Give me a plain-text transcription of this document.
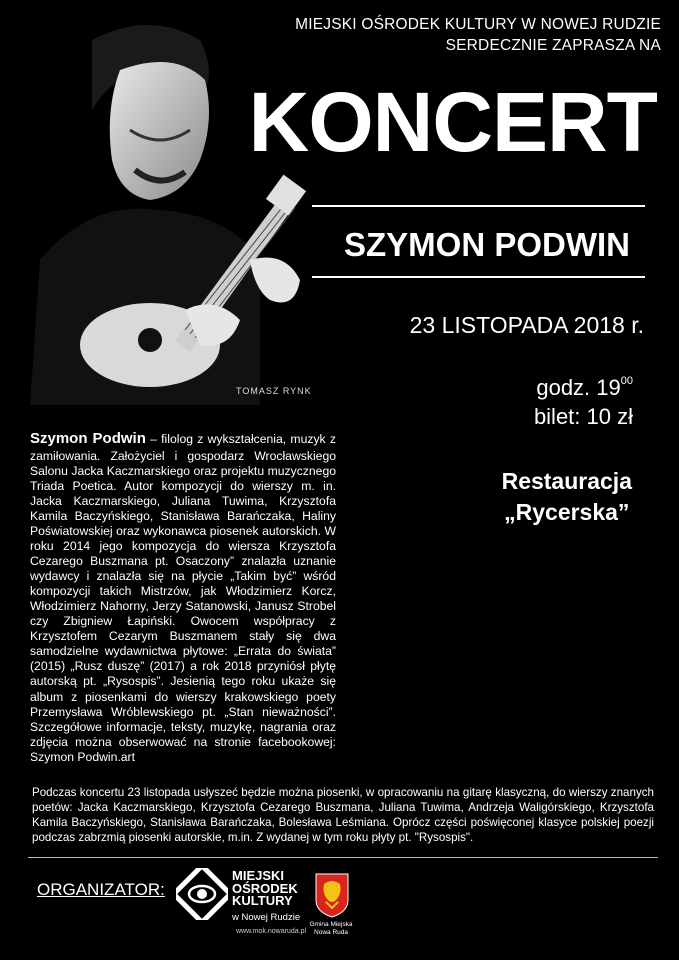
TOMASZ RYNK
MIEJSKI OŚRODEK KULTURY W NOWEJ RUDZIE
SERDECZNIE ZAPRASZA NA
KONCERT
SZYMON PODWIN
23 LISTOPADA 2018 r.
godz. $19^{00}$
bilet: 10 zł
Restauracja
„Rycerska”
Szymon Podwin – filolog z wykształcenia, muzyk z zamiłowania. Założyciel i gospodarz Wrocławskiego Salonu Jacka Kaczmarskiego oraz projektu muzycznego Triada Poetica. Autor kompozycji do wierszy m. in. Jacka Kaczmarskiego, Juliana Tuwima, Krzysztofa Kamila Baczyńskiego, Stanisława Barańczaka, Haliny Poświatowskiej oraz wykonawca piosenek autorskich. W roku 2014 jego kompozycja do wiersza Krzysztofa Cezarego Buszmana pt. Osaczony” znalazła uznanie wydawcy i znalazła się na płycie „Takim być” wśród kompozycji takich Mistrzów, jak Włodzimierz Korcz, Włodzimierz Nahorny, Jerzy Satanowski, Janusz Strobel czy Zbigniew Łapiński. Owocem współpracy z Krzysztofem Cezarym Buszmanem stały się dwa samodzielne wydawnictwa płytowe: „Errata do świata” (2015) „Rusz duszę” (2017) a rok 2018 przyniósł płytę autorską pt. „Rysospis”. Jesienią tego roku ukaże się album z piosenkami do wierszy krakowskiego poety Przemysława Wróblewskiego pt. „Stan nieważności”. Szczegółowe informacje, teksty, muzykę, nagrania oraz zdjęcia można obserwować na stronie facebookowej: Szymon Podwin.art
Podczas koncertu 23 listopada usłyszeć będzie można piosenki, w opracowaniu na gitarę klasyczną, do wierszy znanych poetów: Jacka Kaczmarskiego, Krzysztofa Cezarego Buszmana, Juliana Tuwima, Andrzeja Waligórskiego, Krzysztofa Kamila Baczyńskiego, Stanisława Barańczaka, Bolesława Leśmiana. Oprócz części poświęconej klasyce polskiej poezji podczas zabrzmią piosenki autorskie, m.in. Z wydanej w tym roku płyty pt. "Rysospis".
ORGANIZATOR:
MIEJSKI
OŚRODEK
KULTURY
w Nowej Rudzie
www.mok.nowaruda.pl
Gmina Miejska
Nowa Ruda
